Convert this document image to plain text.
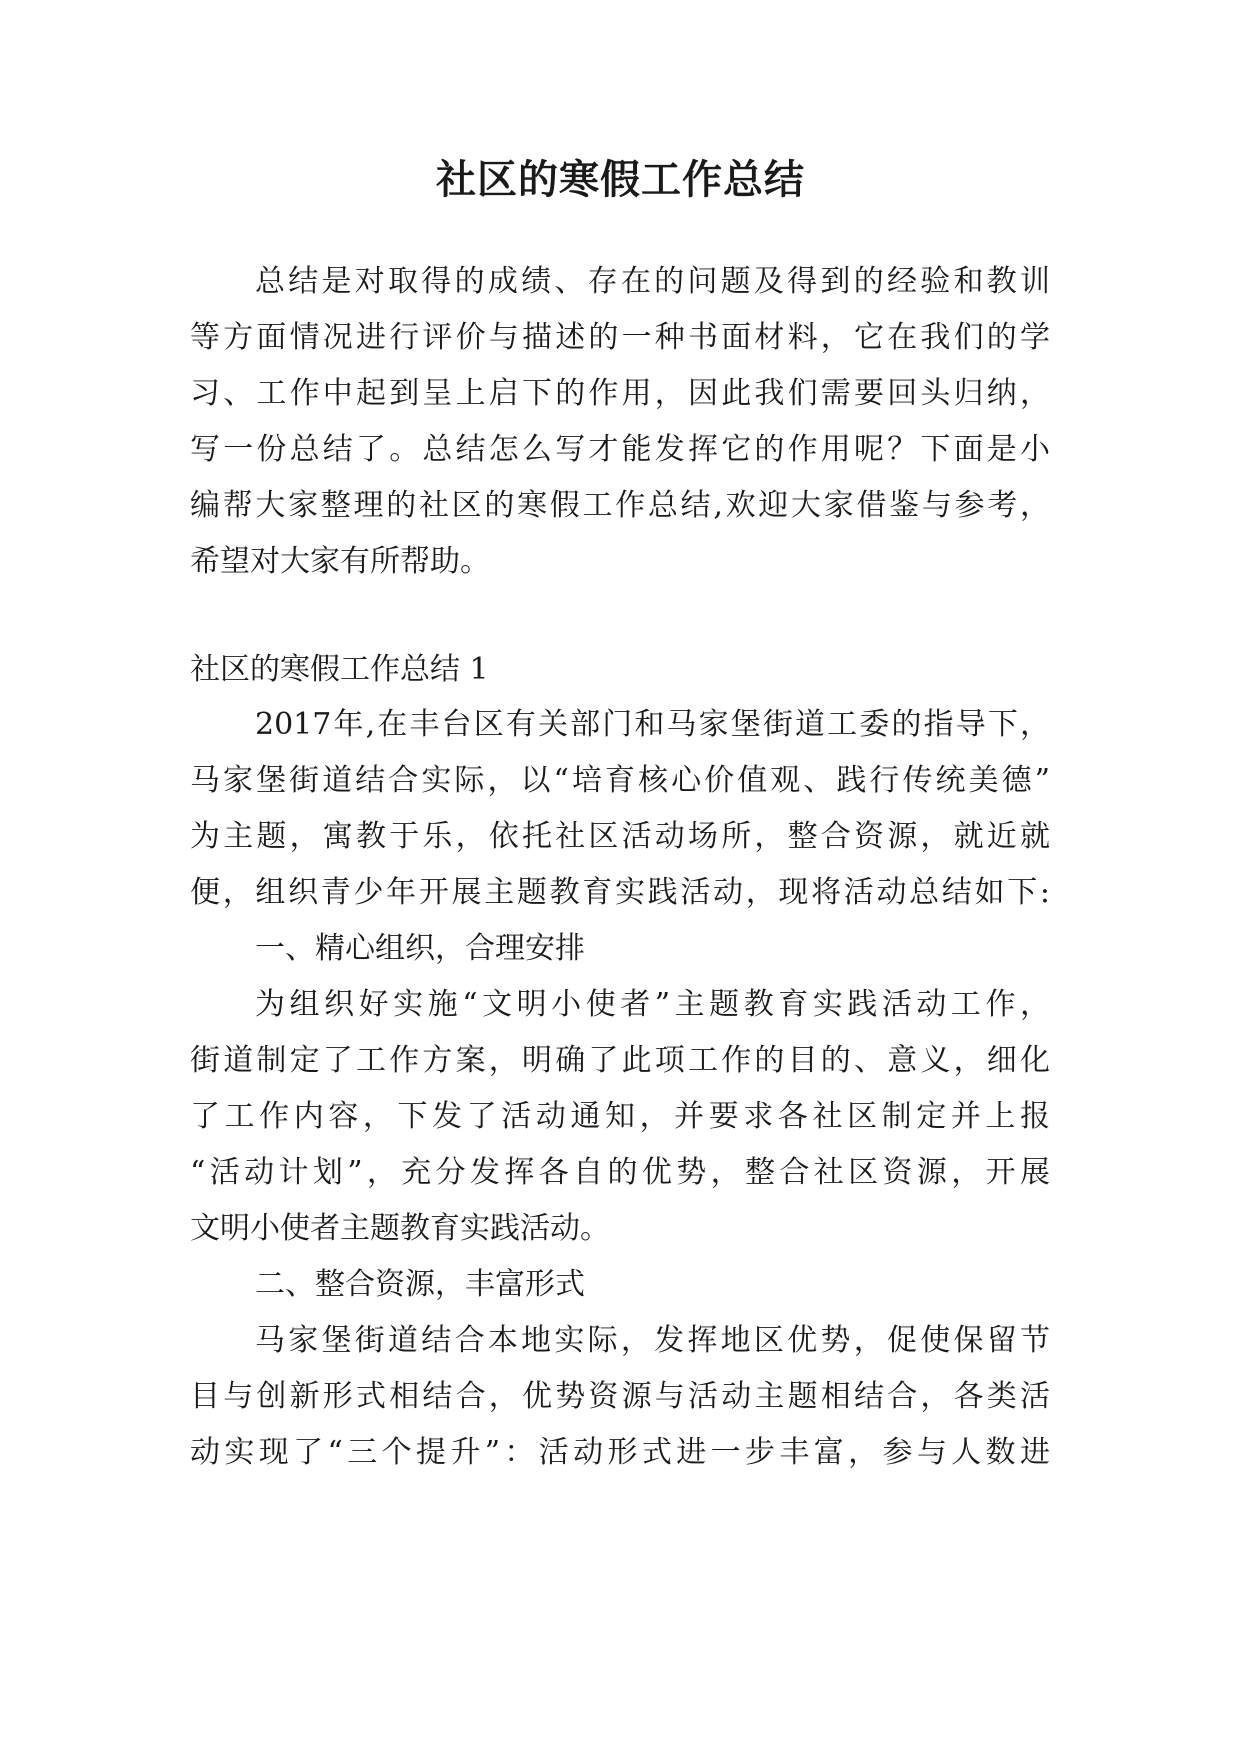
社区的寒假工作总结
总结是对取得的成绩、存在的问题及得到的经验和教训
等方面情况进行评价与描述的一种书面材料，它在我们的学
习、工作中起到呈上启下的作用，因此我们需要回头归纳，
写一份总结了。总结怎么写才能发挥它的作用呢？下面是小
编帮大家整理的社区的寒假工作总结,欢迎大家借鉴与参考，
希望对大家有所帮助。
社区的寒假工作总结 1
2017年,在丰台区有关部门和马家堡街道工委的指导下，
马家堡街道结合实际，以“培育核心价值观、践行传统美德”
为主题，寓教于乐，依托社区活动场所，整合资源，就近就
便，组织青少年开展主题教育实践活动，现将活动总结如下:
一、精心组织，合理安排
为组织好实施“文明小使者”主题教育实践活动工作，
街道制定了工作方案，明确了此项工作的目的、意义，细化
了工作内容，下发了活动通知，并要求各社区制定并上报
“活动计划”，充分发挥各自的优势，整合社区资源，开展
文明小使者主题教育实践活动。
二、整合资源，丰富形式
马家堡街道结合本地实际，发挥地区优势，促使保留节
目与创新形式相结合，优势资源与活动主题相结合，各类活
动实现了“三个提升”：活动形式进一步丰富，参与人数进
